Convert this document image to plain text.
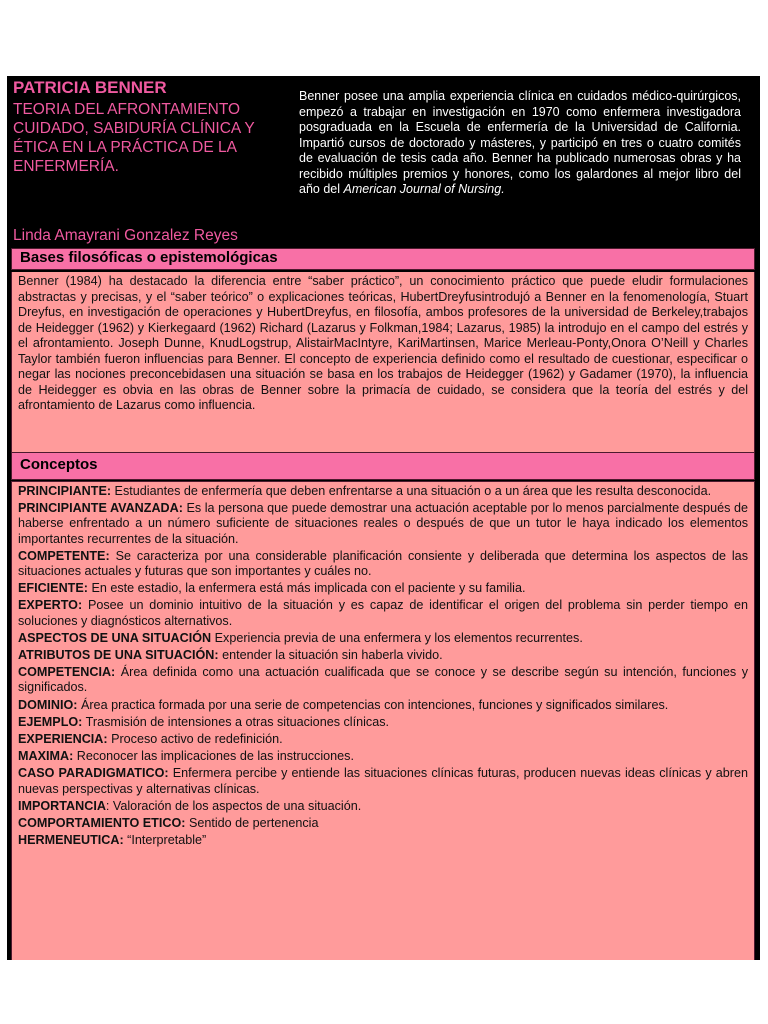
PATRICIA BENNER

TEORIA DEL AFRONTAMIENTO CUIDADO, SABIDURÍA CLÍNICA Y ÉTICA EN LA PRÁCTICA DE LA ENFERMERÍA.

Linda Amayrani Gonzalez Reyes
Benner posee una amplia experiencia clínica en cuidados médico-quirúrgicos, empezó a trabajar en investigación en 1970 como enfermera investigadora posgraduada en la Escuela de enfermería de la Universidad de California. Impartió cursos de doctorado y másteres, y participó en tres o cuatro comités de evaluación de tesis cada año. Benner ha publicado numerosas obras y ha recibido múltiples premios y honores, como los galardones al mejor libro del año del American Journal of Nursing.
Bases filosóficas o epistemológicas
Benner (1984) ha destacado la diferencia entre “saber práctico”, un conocimiento práctico que puede eludir formulaciones abstractas y precisas, y el “saber teórico” o explicaciones teóricas, HubertDreyfusintrodujó a Benner en la fenomenología, Stuart Dreyfus, en investigación de operaciones y HubertDreyfus, en filosofía, ambos profesores de la universidad de Berkeley,trabajos de Heidegger (1962) y Kierkegaard (1962) Richard (Lazarus y Folkman,1984; Lazarus, 1985) la introdujo en el campo del estrés y el afrontamiento. Joseph Dunne, KnudLogstrup, AlistairMacIntyre, KariMartinsen, Marice Merleau-Ponty,Onora O’Neill y Charles Taylor también fueron influencias para Benner. El concepto de experiencia definido como el resultado de cuestionar, especificar o negar las nociones preconcebidasen una situación se basa en los trabajos de Heidegger (1962) y Gadamer (1970), la influencia de Heidegger es obvia en las obras de Benner sobre la primacía de cuidado, se considera que la teoría del estrés y del afrontamiento de Lazarus como influencia.
Conceptos

PRINCIPIANTE: Estudiantes de enfermería que deben enfrentarse a una situación o a un área que les resulta desconocida.

PRINCIPIANTE AVANZADA: Es la persona que puede demostrar una actuación aceptable por lo menos parcialmente después de haberse enfrentado a un número suficiente de situaciones reales o después de que un tutor le haya indicado los elementos importantes recurrentes de la situación.

COMPETENTE: Se caracteriza por una considerable planificación consiente y deliberada que determina los aspectos de las situaciones actuales y futuras que son importantes y cuáles no.

EFICIENTE: En este estadio, la enfermera está más implicada con el paciente y su familia.

EXPERTO: Posee un dominio intuitivo de la situación y es capaz de identificar el origen del problema sin perder tiempo en soluciones y diagnósticos alternativos.

ASPECTOS DE UNA SITUACIÓN Experiencia previa de una enfermera y los elementos recurrentes.

ATRIBUTOS DE UNA SITUACIÓN: entender la situación sin haberla vivido.

COMPETENCIA: Área definida como una actuación cualificada que se conoce y se describe según su intención, funciones y significados.

DOMINIO: Área practica formada por una serie de competencias con intenciones, funciones y significados similares.

EJEMPLO: Trasmisión de intensiones a otras situaciones clínicas.

EXPERIENCIA: Proceso activo de redefinición.

MAXIMA: Reconocer las implicaciones de las instrucciones.

CASO PARADIGMATICO: Enfermera percibe y entiende las situaciones clínicas futuras, producen nuevas ideas clínicas y abren nuevas perspectivas y alternativas clínicas.

IMPORTANCIA: Valoración de los aspectos de una situación.

COMPORTAMIENTO ETICO: Sentido de pertenencia

HERMENEUTICA: “Interpretable”
